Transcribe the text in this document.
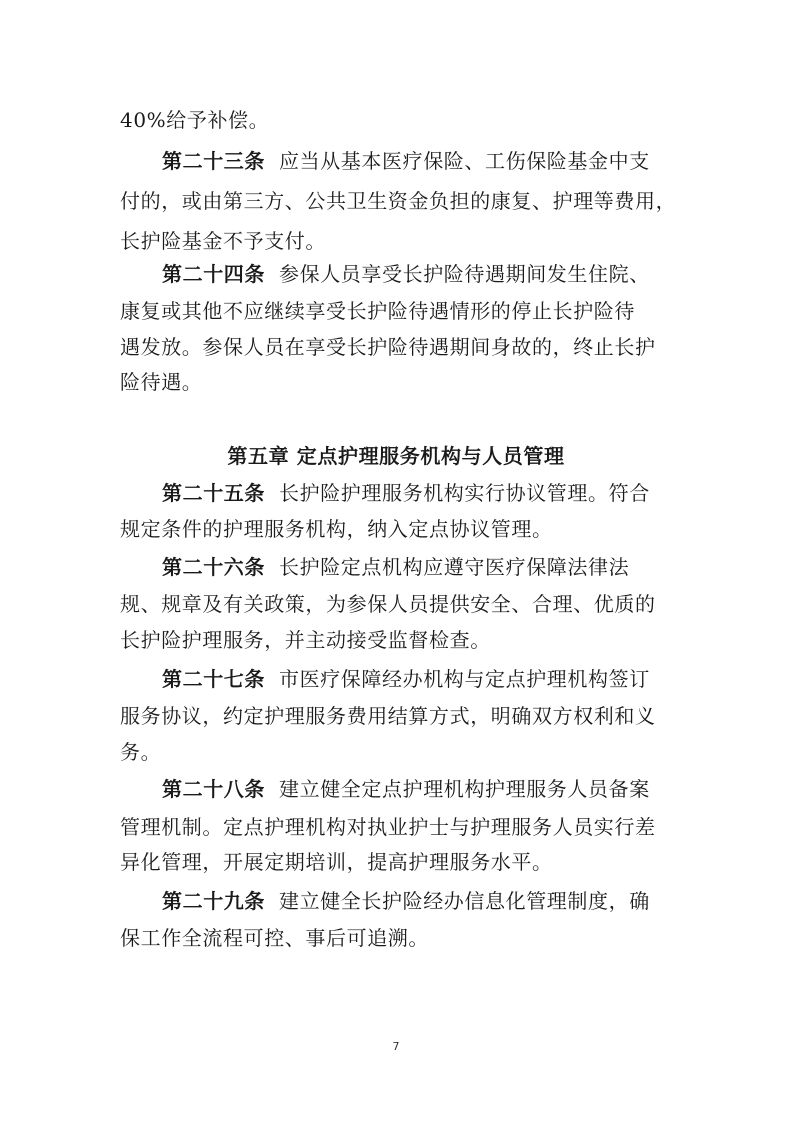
40%给予补偿。
第二十三条 应当从基本医疗保险、工伤保险基金中支
付的，或由第三方、公共卫生资金负担的康复、护理等费用，
长护险基金不予支付。
第二十四条 参保人员享受长护险待遇期间发生住院、
康复或其他不应继续享受长护险待遇情形的停止长护险待
遇发放。参保人员在享受长护险待遇期间身故的，终止长护
险待遇。
第五章 定点护理服务机构与人员管理
第二十五条 长护险护理服务机构实行协议管理。符合
规定条件的护理服务机构，纳入定点协议管理。
第二十六条 长护险定点机构应遵守医疗保障法律法
规、规章及有关政策，为参保人员提供安全、合理、优质的
长护险护理服务，并主动接受监督检查。
第二十七条 市医疗保障经办机构与定点护理机构签订
服务协议，约定护理服务费用结算方式，明确双方权利和义
务。
第二十八条 建立健全定点护理机构护理服务人员备案
管理机制。定点护理机构对执业护士与护理服务人员实行差
异化管理，开展定期培训，提高护理服务水平。
第二十九条 建立健全长护险经办信息化管理制度，确
保工作全流程可控、事后可追溯。
7
